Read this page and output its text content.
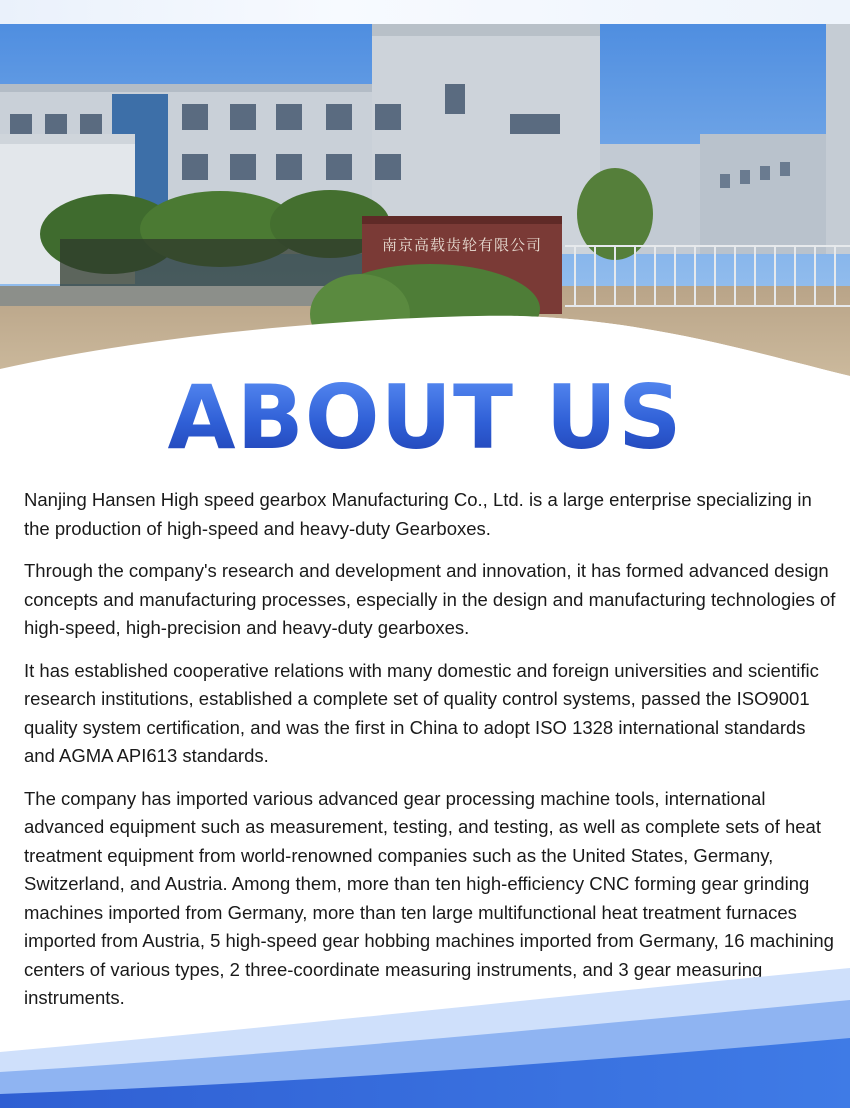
南京高载齿轮有限公司
ABOUT US

Nanjing Hansen High speed gearbox Manufacturing Co., Ltd. is a large enterprise specializing in the production of high-speed and heavy-duty Gearboxes.

Through the company's research and development and innovation, it has formed advanced design concepts and manufacturing processes, especially in the design and manufacturing technologies of high-speed, high-precision and heavy-duty gearboxes.

It has established cooperative relations with many domestic and foreign universities and scientific research institutions, established a complete set of quality control systems, passed the ISO9001 quality system certification, and was the first in China to adopt ISO 1328 international standards and AGMA API613 standards.

The company has imported various advanced gear processing machine tools, international advanced equipment such as measurement, testing, and testing, as well as complete sets of heat treatment equipment from world-renowned companies such as the United States, Germany, Switzerland, and Austria. Among them, more than ten high-efficiency CNC forming gear grinding machines imported from Germany, more than ten large multifunctional heat treatment furnaces imported from Austria, 5 high-speed gear hobbing machines imported from Germany, 16 machining centers of various types, 2 three-coordinate measuring instruments, and 3 gear measuring instruments.
